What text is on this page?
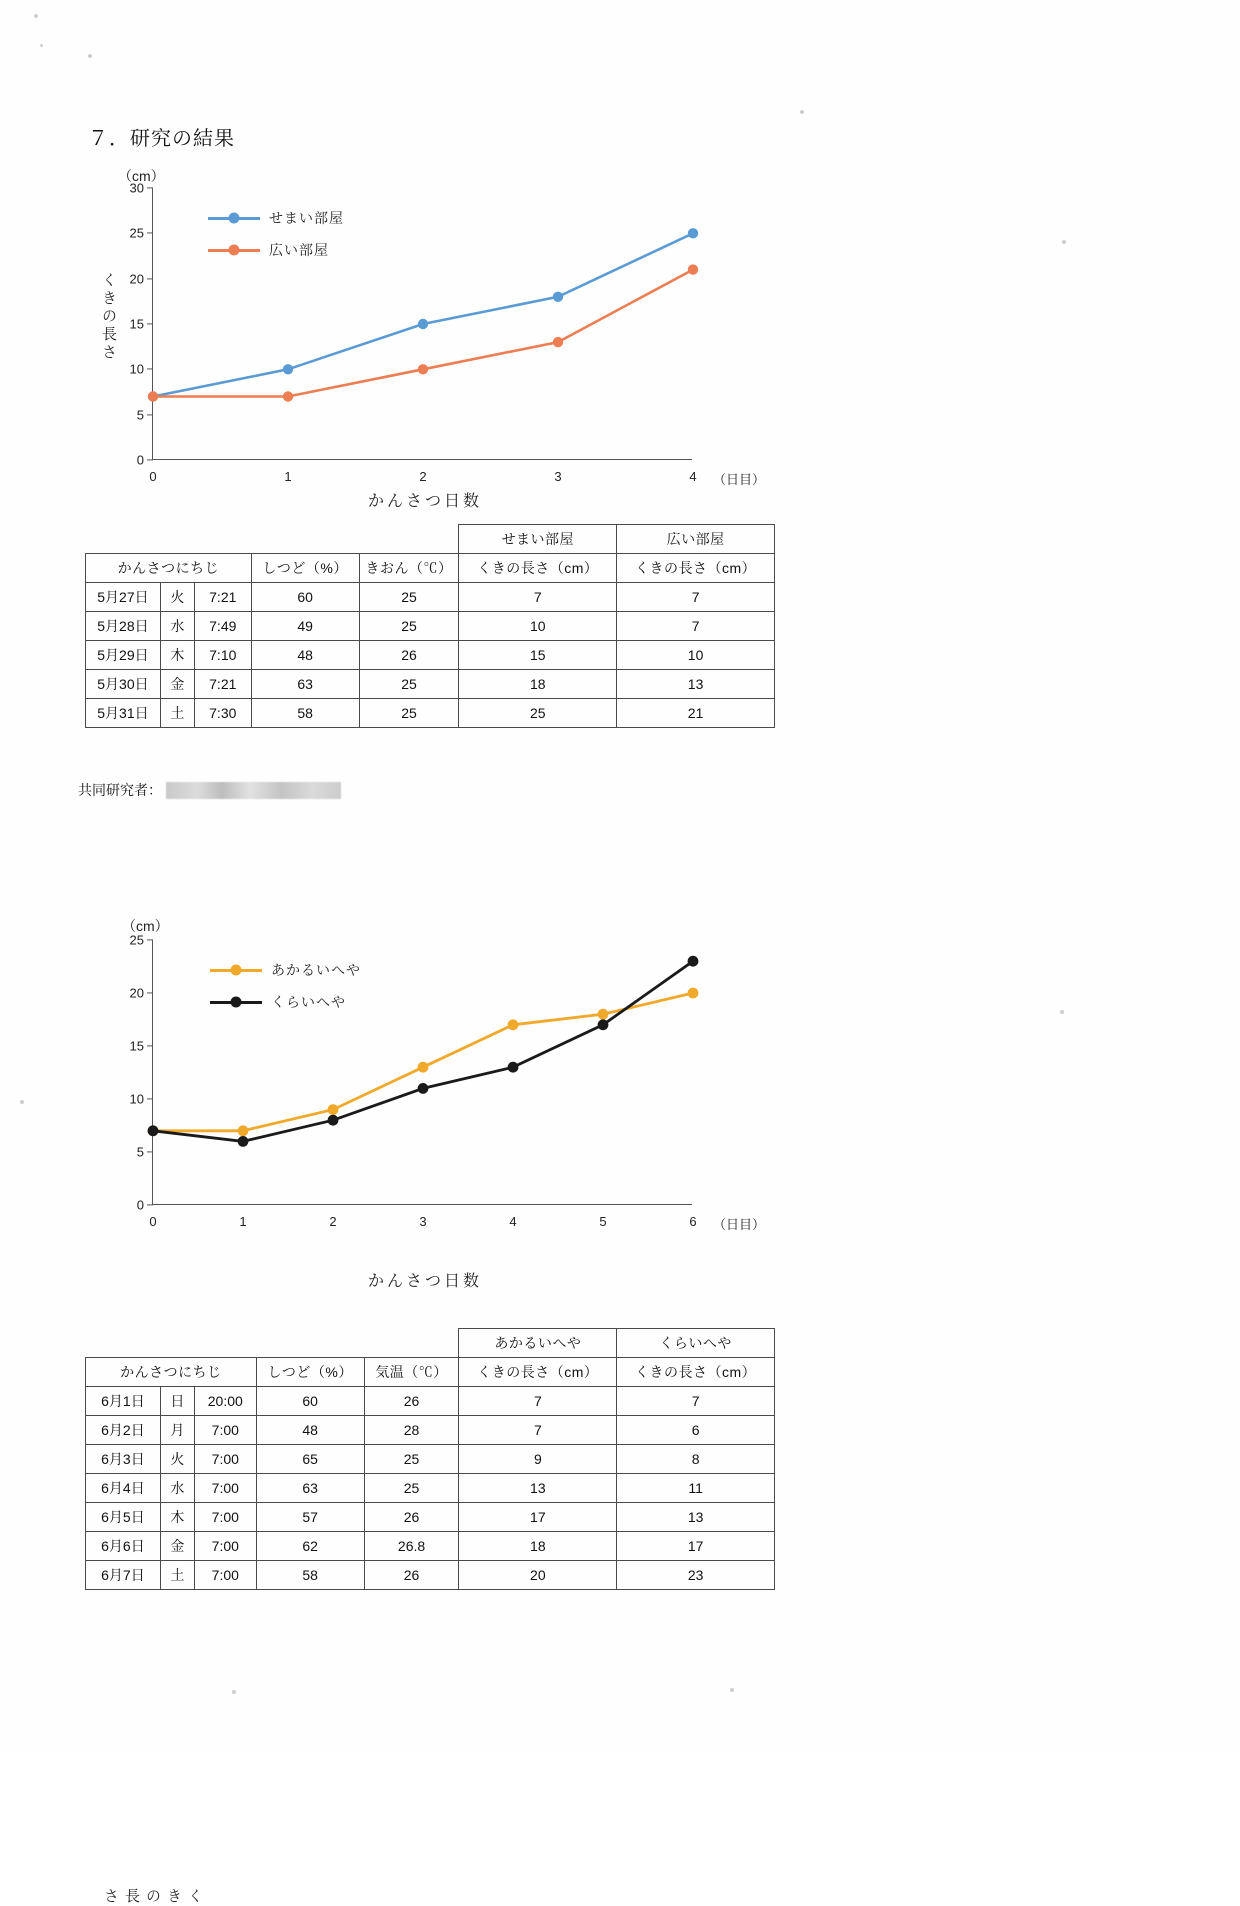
７．研究の結果
（cm）
くきの長さ
0
5
10
15
20
25
30
0	1	2	3	4 （日目）
せまい部屋
広い部屋
かんさつ日数
					せまい部屋	広い部屋
かんさつにちじ			しつど（%）	きおん（℃）	くきの長さ（cm）	くきの長さ（cm）
5月27日	火	7:21	60	25	7	7
5月28日	水	7:49	49	25	10	7
5月29日	木	7:10	48	26	15	10
5月30日	金	7:21	63	25	18	13
5月31日	土	7:30	58	25	25	21
共同研究者：
（cm）
くきの長さ
0
5
10
15
20
25
0	1	2	3	4	5	6 （日目）
あかるいへや
くらいへや
かんさつ日数
					あかるいへや	くらいへや
かんさつにちじ			しつど（%）	気温（℃）	くきの長さ（cm）	くきの長さ（cm）
6月1日	日	20:00	60	26	7	7
6月2日	月	7:00	48	28	7	6
6月3日	火	7:00	65	25	9	8
6月4日	水	7:00	63	25	13	11
6月5日	木	7:00	57	26	17	13
6月6日	金	7:00	62	26.8	18	17
6月7日	土	7:00	58	26	20	23
